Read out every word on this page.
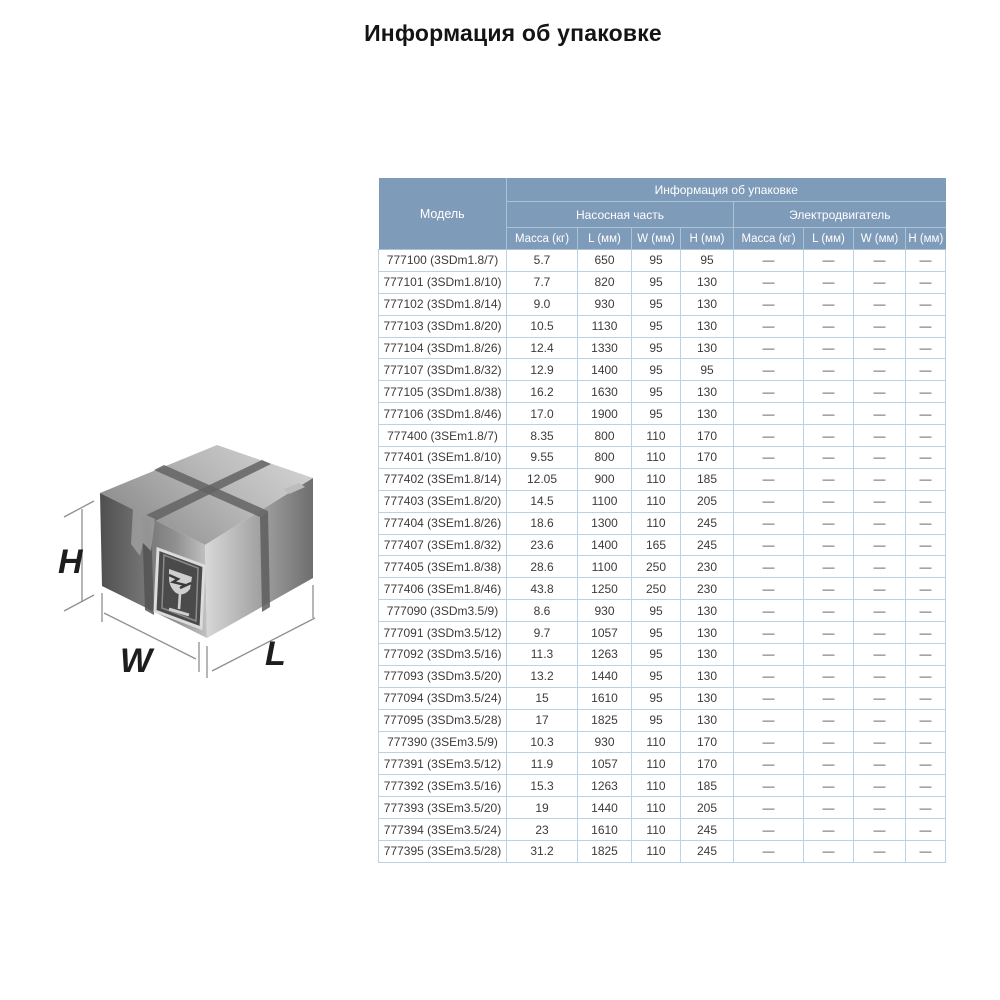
Информация об упаковке
H
W	L
Модель	Информация об упаковке							
	Насосная часть				Электродвигатель			
	Масса (кг)	L (мм)	W (мм)	H (мм)	Масса (кг)	L (мм)	W (мм)	H (мм)
777100 (3SDm1.8/7)	5.7	650	95	95	—	—	—	—
777101 (3SDm1.8/10)	7.7	820	95	130	—	—	—	—
777102 (3SDm1.8/14)	9.0	930	95	130	—	—	—	—
777103 (3SDm1.8/20)	10.5	1130	95	130	—	—	—	—
777104 (3SDm1.8/26)	12.4	1330	95	130	—	—	—	—
777107 (3SDm1.8/32)	12.9	1400	95	95	—	—	—	—
777105 (3SDm1.8/38)	16.2	1630	95	130	—	—	—	—
777106 (3SDm1.8/46)	17.0	1900	95	130	—	—	—	—
777400 (3SEm1.8/7)	8.35	800	110	170	—	—	—	—
777401 (3SEm1.8/10)	9.55	800	110	170	—	—	—	—
777402 (3SEm1.8/14)	12.05	900	110	185	—	—	—	—
777403 (3SEm1.8/20)	14.5	1100	110	205	—	—	—	—
777404 (3SEm1.8/26)	18.6	1300	110	245	—	—	—	—
777407 (3SEm1.8/32)	23.6	1400	165	245	—	—	—	—
777405 (3SEm1.8/38)	28.6	1100	250	230	—	—	—	—
777406 (3SEm1.8/46)	43.8	1250	250	230	—	—	—	—
777090 (3SDm3.5/9)	8.6	930	95	130	—	—	—	—
777091 (3SDm3.5/12)	9.7	1057	95	130	—	—	—	—
777092 (3SDm3.5/16)	11.3	1263	95	130	—	—	—	—
777093 (3SDm3.5/20)	13.2	1440	95	130	—	—	—	—
777094 (3SDm3.5/24)	15	1610	95	130	—	—	—	—
777095 (3SDm3.5/28)	17	1825	95	130	—	—	—	—
777390 (3SEm3.5/9)	10.3	930	110	170	—	—	—	—
777391 (3SEm3.5/12)	11.9	1057	110	170	—	—	—	—
777392 (3SEm3.5/16)	15.3	1263	110	185	—	—	—	—
777393 (3SEm3.5/20)	19	1440	110	205	—	—	—	—
777394 (3SEm3.5/24)	23	1610	110	245	—	—	—	—
777395 (3SEm3.5/28)	31.2	1825	110	245	—	—	—	—
